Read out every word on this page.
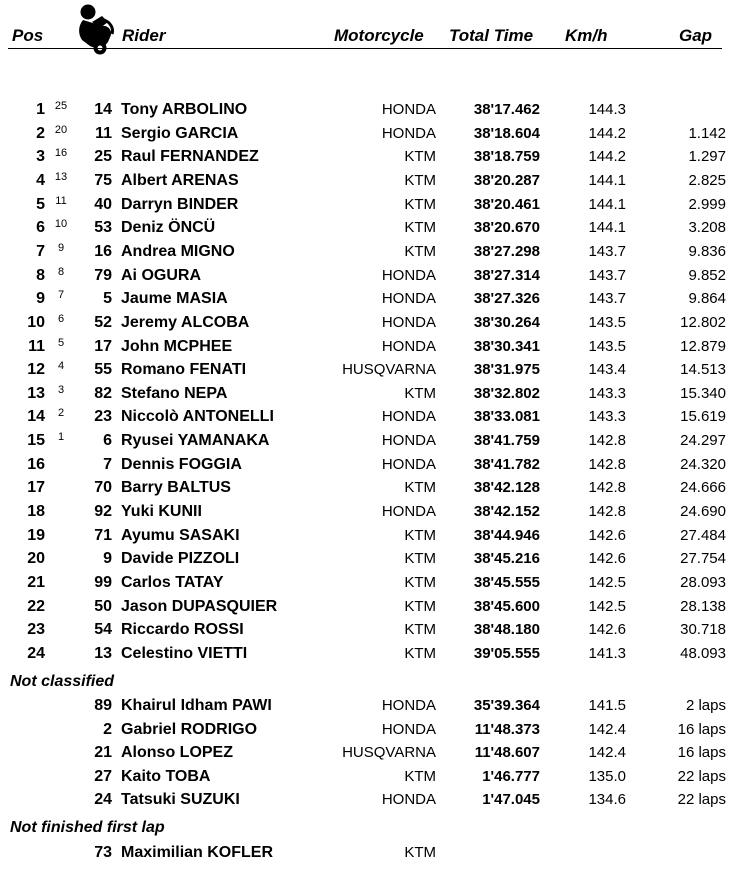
Pos	Rider	Motorcycle Total Time Km/h	Gap
1 25	14 Tony ARBOLINO	HONDA	38'17.462	144.3
2 20	11 Sergio GARCIA	HONDA	38'18.604	144.2	1.142
3 16	25 Raul FERNANDEZ	KTM	38'18.759	144.2	1.297
4 13	75 Albert ARENAS	KTM	38'20.287	144.1	2.825
5 11	40 Darryn BINDER	KTM	38'20.461	144.1	2.999
6 10	53 Deniz ÖNCÜ	KTM	38'20.670	144.1	3.208
7	9	16 Andrea MIGNO	KTM	38'27.298	143.7	9.836
8	8	79 Ai OGURA	HONDA	38'27.314	143.7	9.852
9	7	5 Jaume MASIA	HONDA	38'27.326	143.7	9.864
10	6	52 Jeremy ALCOBA	HONDA	38'30.264	143.5	12.802
11	5	17 John MCPHEE	HONDA	38'30.341	143.5	12.879
12	4	55 Romano FENATI	HUSQVARNA	38'31.975	143.4	14.513
13	3	82 Stefano NEPA	KTM	38'32.802	143.3	15.340
14	2	23 Niccolò ANTONELLI	HONDA	38'33.081	143.3	15.619
15	1	6 Ryusei YAMANAKA	HONDA	38'41.759	142.8	24.297
16	7 Dennis FOGGIA	HONDA	38'41.782	142.8	24.320
17	70 Barry BALTUS	KTM	38'42.128	142.8	24.666
18	92 Yuki KUNII	HONDA	38'42.152	142.8	24.690
19	71 Ayumu SASAKI	KTM	38'44.946	142.6	27.484
20	9 Davide PIZZOLI	KTM	38'45.216	142.6	27.754
21	99 Carlos TATAY	KTM	38'45.555	142.5	28.093
22	50 Jason DUPASQUIER	KTM	38'45.600	142.5	28.138
23	54 Riccardo ROSSI	KTM	38'48.180	142.6	30.718
24	13 Celestino VIETTI	KTM	39'05.555	141.3	48.093
Not classified
89 Khairul Idham PAWI	HONDA	35'39.364	141.5	2 laps
2 Gabriel RODRIGO	HONDA	11'48.373	142.4	16 laps
21 Alonso LOPEZ	HUSQVARNA	11'48.607	142.4	16 laps
27 Kaito TOBA	KTM	1'46.777	135.0	22 laps
24 Tatsuki SUZUKI	HONDA	1'47.045	134.6	22 laps
Not finished first lap
73 Maximilian KOFLER	KTM
